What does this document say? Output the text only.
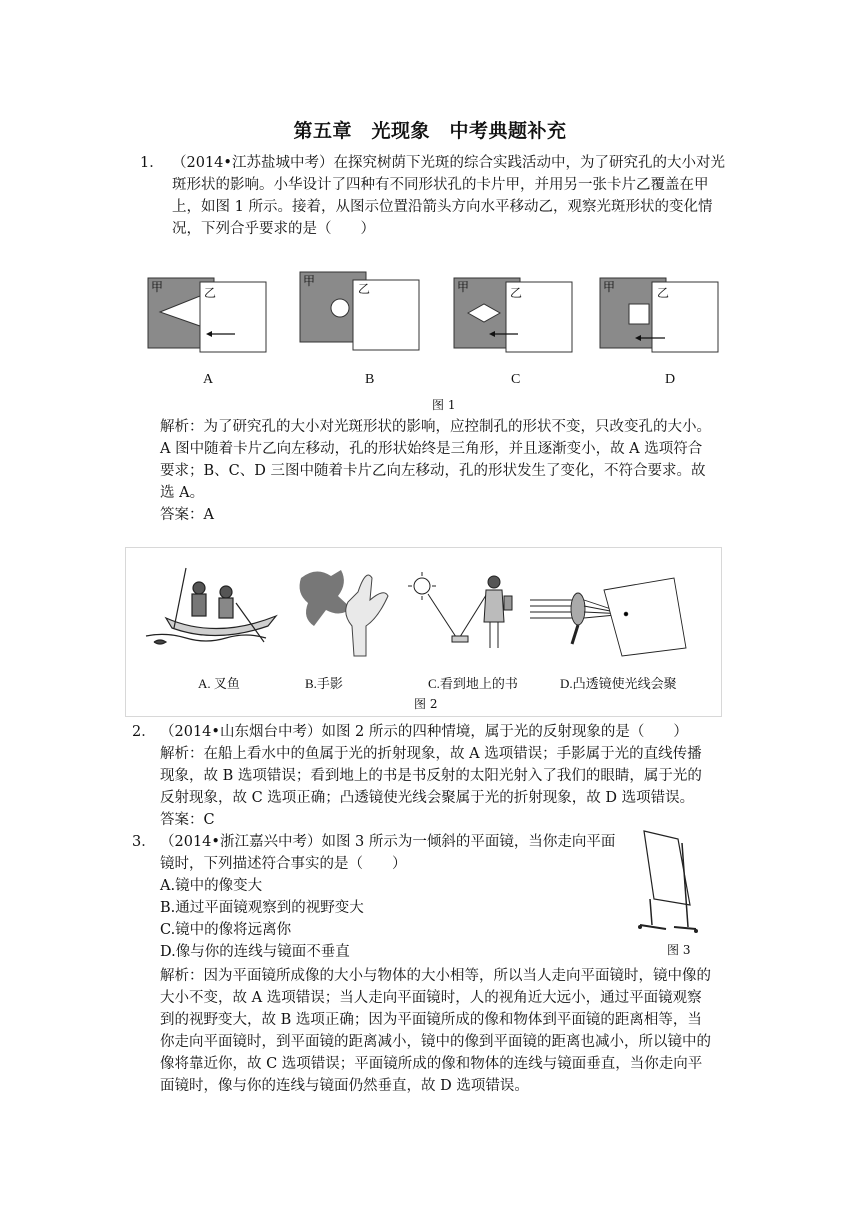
第五章　光现象　中考典题补充
1． （2014•江苏盐城中考）在探究树荫下光斑的综合实践活动中，为了研究孔的大小对光
斑形状的影响。小华设计了四种有不同形状孔的卡片甲，并用另一张卡片乙覆盖在甲
上，如图 1 所示。接着，从图示位置沿箭头方向水平移动乙，观察光斑形状的变化情
况，下列合乎要求的是（　　）
甲	乙
甲
乙	甲	乙	甲	乙
A	B	C	D
图 1
解析：为了研究孔的大小对光斑形状的影响，应控制孔的形状不变，只改变孔的大小。
A 图中随着卡片乙向左移动，孔的形状始终是三角形，并且逐渐变小，故 A 选项符合
要求；B、C、D 三图中随着卡片乙向左移动，孔的形状发生了变化，不符合要求。故
选 A。
答案：A
A. 叉鱼	B.手影	C.看到地上的书	D.凸透镜使光线会聚
图 2
2． （2014•山东烟台中考）如图 2 所示的四种情境，属于光的反射现象的是（　　）
解析：在船上看水中的鱼属于光的折射现象，故 A 选项错误；手影属于光的直线传播
现象，故 B 选项错误；看到地上的书是书反射的太阳光射入了我们的眼睛，属于光的
反射现象，故 C 选项正确；凸透镜使光线会聚属于光的折射现象，故 D 选项错误。
答案：C
3． （2014•浙江嘉兴中考）如图 3 所示为一倾斜的平面镜，当你走向平面
镜时，下列描述符合事实的是（　　）
A.镜中的像变大
B.通过平面镜观察到的视野变大
C.镜中的像将远离你
D.像与你的连线与镜面不垂直	图 3
解析：因为平面镜所成像的大小与物体的大小相等，所以当人走向平面镜时，镜中像的
大小不变，故 A 选项错误；当人走向平面镜时，人的视角近大远小，通过平面镜观察
到的视野变大，故 B 选项正确；因为平面镜所成的像和物体到平面镜的距离相等，当
你走向平面镜时，到平面镜的距离减小，镜中的像到平面镜的距离也减小，所以镜中的
像将靠近你，故 C 选项错误；平面镜所成的像和物体的连线与镜面垂直，当你走向平
面镜时，像与你的连线与镜面仍然垂直，故 D 选项错误。
